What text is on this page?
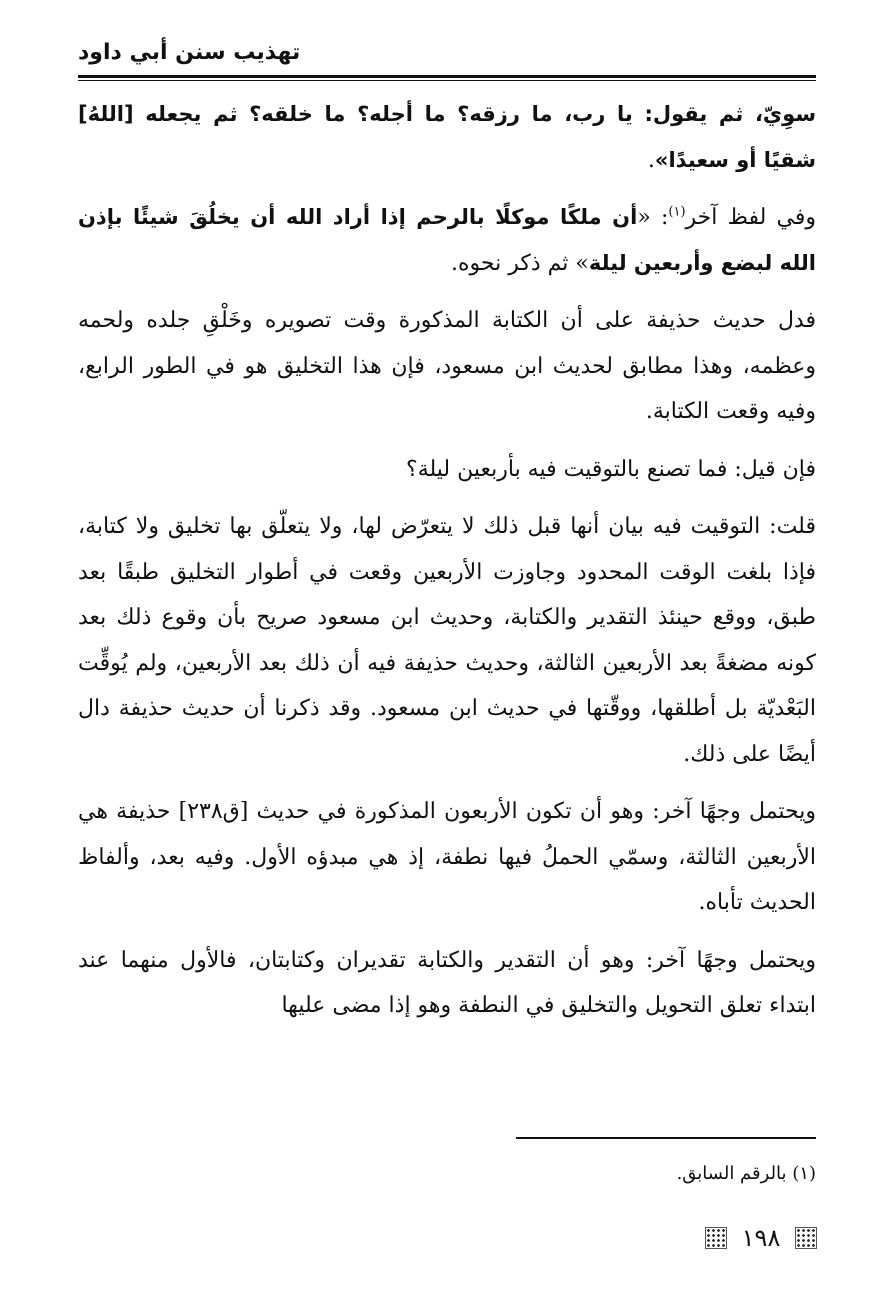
تهذيب سنن أبي داود

سوِيّ، ثم يقول: يا رب، ما رزقه؟ ما أجله؟ ما خلقه؟ ثم يجعله [اللهُ] شقيًا أو سعيدًا».

وفي لفظ آخر$^{(١)}$: «أن ملكًا موكلًا بالرحم إذا أراد الله أن يخلُقَ شيئًا بإذن الله لبضع وأربعين ليلة» ثم ذكر نحوه.

فدل حديث حذيفة على أن الكتابة المذكورة وقت تصويره وخَلْقِ جلده ولحمه وعظمه، وهذا مطابق لحديث ابن مسعود، فإن هذا التخليق هو في الطور الرابع، وفيه وقعت الكتابة.

فإن قيل: فما تصنع بالتوقيت فيه بأربعين ليلة؟

قلت: التوقيت فيه بيان أنها قبل ذلك لا يتعرّض لها، ولا يتعلّق بها تخليق ولا كتابة، فإذا بلغت الوقت المحدود وجاوزت الأربعين وقعت في أطوار التخليق طبقًا بعد طبق، ووقع حينئذ التقدير والكتابة، وحديث ابن مسعود صريح بأن وقوع ذلك بعد كونه مضغةً بعد الأربعين الثالثة، وحديث حذيفة فيه أن ذلك بعد الأربعين، ولم يُوقِّت البَعْديّة بل أطلقها، ووقّتها في حديث ابن مسعود. وقد ذكرنا أن حديث حذيفة دال أيضًا على ذلك.

ويحتمل وجهًا آخر: وهو أن تكون الأربعون المذكورة في حديث [ق٢٣٨] حذيفة هي الأربعين الثالثة، وسمّي الحملُ فيها نطفة، إذ هي مبدؤه الأول. وفيه بعد، وألفاظ الحديث تأباه.

ويحتمل وجهًا آخر: وهو أن التقدير والكتابة تقديران وكتابتان، فالأول منهما عند ابتداء تعلق التحويل والتخليق في النطفة وهو إذا مضى عليها

(١) بالرقم السابق.
١٩٨
